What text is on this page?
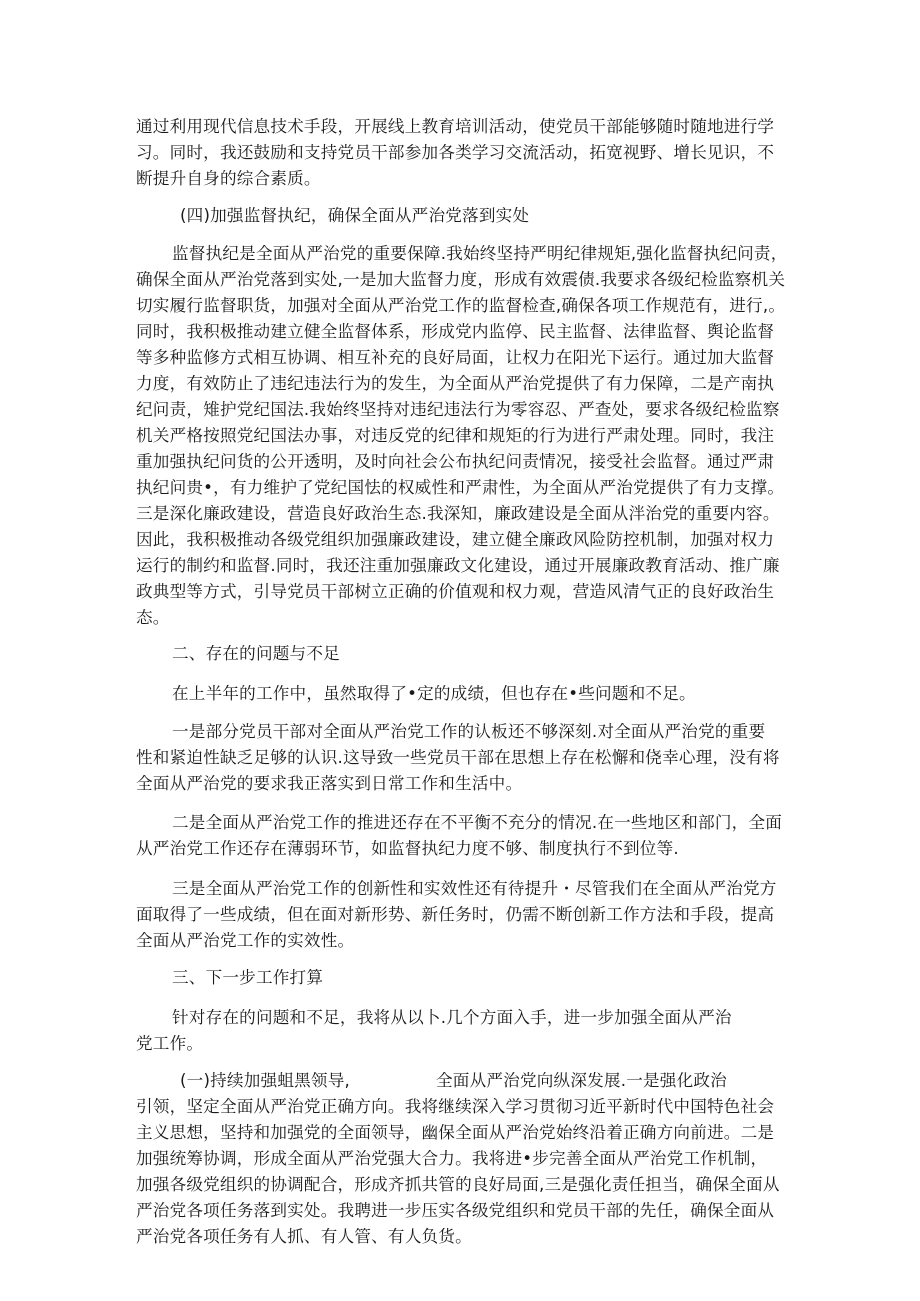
通过利用现代信息技术手段，开展线上教育培训活动，使党员干部能够随时随地进行学
习。同时，我还鼓励和支持党员干部参加各类学习交流活动，拓宽视野、增长见识，不
断提升自身的综合素质。
(四)加强监督执纪，确保全面从严治党落到实处
监督执纪是全面从严治党的重要保障.我始终坚持严明纪律规矩,强化监督执纪问责，
确保全面从严治党落到实处,一是加大监督力度，形成有效震债.我要求各级纪检监察机关
切实履行监督职货，加强对全面从严治党工作的监督检查,确保各项工作规范有，进行,。
同时，我积极推动建立健全监督体系，形成党内监停、民主监督、法律监督、舆论监督
等多种监修方式相互协调、相互补充的良好局面，让权力在阳光下运行。通过加大监督
力度，有效防止了违纪违法行为的发生，为全面从严治党提供了有力保障，二是产南执
纪问责，雉护党纪国法.我始终坚持对违纪违法行为零容忍、严查处，要求各级纪检监察
机关严格按照党纪国法办事，对违反党的纪律和规矩的行为进行严肃处理。同时，我注
重加强执纪问货的公开透明，及时向社会公布执纪问责情况，接受社会监督。通过严肃
执纪问贵•，有力维护了党纪国怯的权威性和严肃性，为全面从严治党提供了有力支撑。
三是深化廉政建设，营造良好政治生态.我深知，廉政建设是全面从泮治党的重要内容。
因此，我积极推动各级党组织加强廉政建设，建立健全廉政风险防控机制，加强对权力
运行的制约和监督.同时，我还注重加强廉政文化建设，通过开展廉政教育活动、推广廉
政典型等方式，引导党员干部树立正确的价值观和权力观，营造风清气正的良好政治生
态。
二、存在的问题与不足
在上半年的工作中，虽然取得了•定的成绩，但也存在•些问题和不足。
一是部分党员干部对全面从严治党工作的认板还不够深刻.对全面从严治党的重要
性和紧迫性缺乏足够的认识.这导致一些党员干部在思想上存在松懈和侥幸心理，没有将
全面从严治党的要求我正落实到日常工作和生活中。
二是全面从严治党工作的推进还存在不平衡不充分的情况.在一些地区和部门，全面
从严治党工作还存在薄弱环节，如监督执纪力度不够、制度执行不到位等.
三是全面从严治党工作的创新性和实效性还有待提升・尽管我们在全面从严治党方
面取得了一些成绩，但在面对新形势、新任务时，仍需不断创新工作方法和手段，提高
全面从严治党工作的实效性。
三、下一步工作打算
针对存在的问题和不足，我将从以卜.几个方面入手，进一步加强全面从严治
党工作。
(一)持续加强蛆黑领导,	全面从严治党向纵深发展.一是强化政治
引领，坚定全面从严治党正确方向。我将继续深入学习贯彻习近平新时代中国特色社会
主义思想，坚持和加强党的全面领导，幽保全面从严治党始终沿着正确方向前进。二是
加强统筹协调，形成全面从严治党强大合力。我将进•步完善全面从严治党工作机制，
加强各级党组织的协调配合，形成齐抓共管的良好局面,三是强化责任担当，确保全面从
严治党各项任务落到实处。我聘进一步压实各级党组织和党员干部的先任，确保全面从
严治党各项任务有人抓、有人管、有人负货。
